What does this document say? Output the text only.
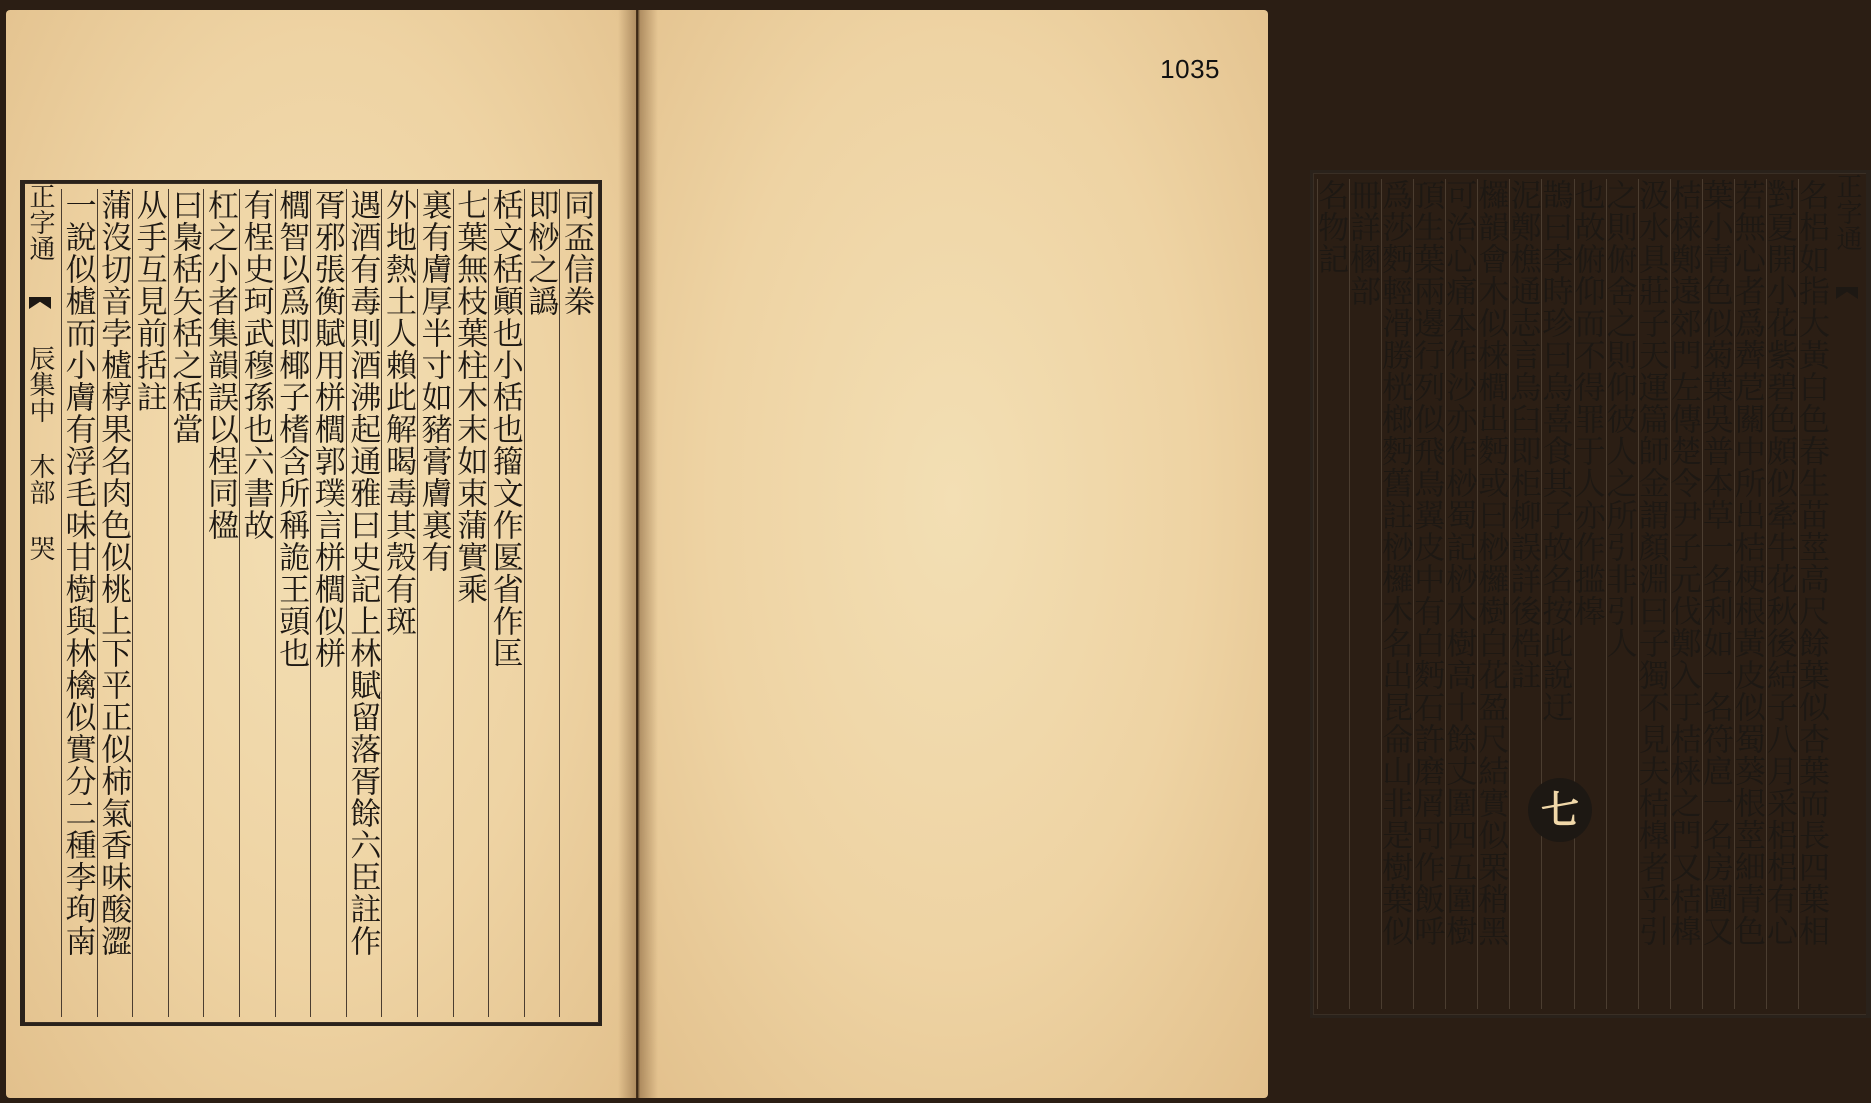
正字通  辰集中 木部 哭
同盃信桊
即桫之譌
栝文栝顚也小栝也籀文作匽省作匡
七葉無枝葉柱木末如束蒲實乘
裏有膚厚半寸如豬膏膚裏有
外地熱土人賴此解暍毒其殼有斑
遇酒有毒則酒沸起通雅曰史記上林賦留落胥餘六臣註作
胥邪張衡賦用栟櫚郭璞言栟櫚似栟
櫚智以爲即椰子榰含所稱詭王頭也
有桯史珂武穆孫也六書故
杠之小者集韻誤以桯同楹
曰梟栝矢栝之栝當
从手互見前括註
蒲沒切音孛樝椁果名肉色似桃上下平正似柿氣香味酸澀
一說似樝而小膚有浮毛味甘樹與林檎似實分二種李珣南
1035
正字通
名梠如指大黃白色春生苗莖高尺餘葉似杏葉而長四葉相
對夏開小花紫碧色頗似牽牛花秋後結子八月采梠梠有心
若無心者爲薺苨關中所出桔梗根黃皮似蜀葵根莖細青色
葉小青色似菊葉吳普本草一名利如一名符扈一名房圖又
桔梾鄭遠郊門左傳楚令尹子元伐鄭入于桔梾之門又桔橰
汲水具莊子天運篇師金謂顏淵曰子獨不見夫桔橰者乎引
之則俯舍之則仰彼人之所引非引人
也故俯仰而不得罪于人亦作㨫槔
鵲曰李時珍曰烏喜食其子故名按此說迂
泥鄭樵通志言烏臼即柜柳誤詳後梏註
欏韻會木似梾櫚出麪或曰桫欏樹白花盈尺結實似栗稍黑
可治心痛本作沙亦作桫蜀記桫木樹高十餘丈圍四五圍樹
頂生葉兩邊行列似飛鳥翼皮中有白麪石許磨屑可作飯呼
爲莎麪輕滑勝桄榔麪舊註桫欏木名出昆侖山非是樹葉似
冊詳㮯部
名物記
七
